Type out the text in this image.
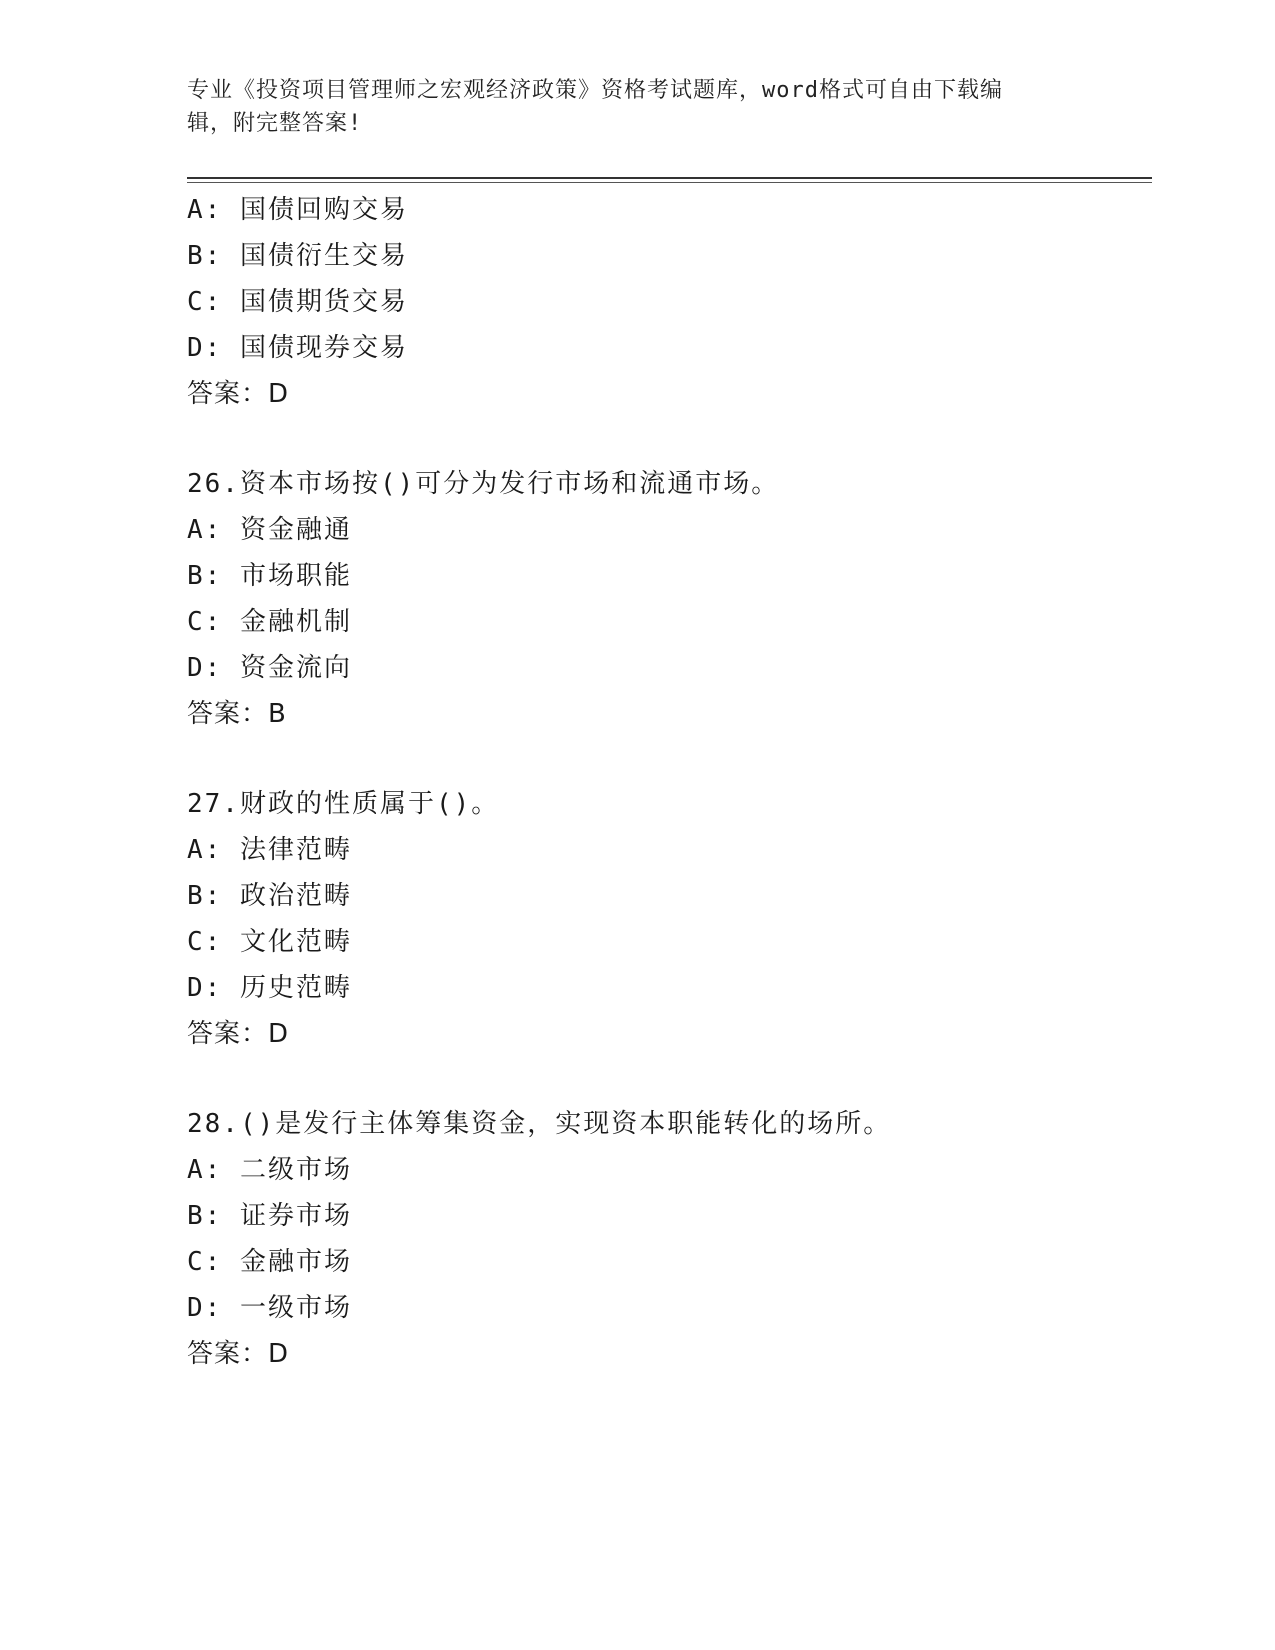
专业《投资项目管理师之宏观经济政策》资格考试题库，word格式可自由下载编
辑，附完整答案!
A: 国债回购交易
B: 国债衍生交易
C: 国债期货交易
D: 国债现券交易
答案：D
26.资本市场按()可分为发行市场和流通市场。
A: 资金融通
B: 市场职能
C: 金融机制
D: 资金流向
答案：B
27.财政的性质属于()。
A: 法律范畴
B: 政治范畴
C: 文化范畴
D: 历史范畴
答案：D
28.()是发行主体筹集资金，实现资本职能转化的场所。
A: 二级市场
B: 证券市场
C: 金融市场
D: 一级市场
答案：D
